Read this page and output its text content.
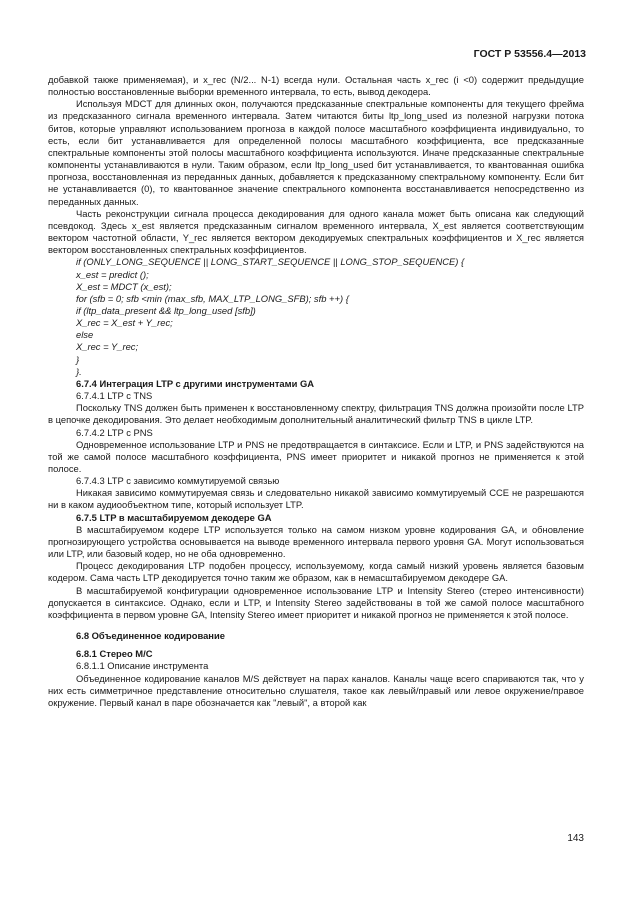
ГОСТ Р 53556.4—2013

добавкой также применяемая), и x_rec (N/2... N-1) всегда нули. Остальная часть x_rec (i <0) содержит предыдущие полностью восстановленные выборки временного интервала, то есть, вывод декодера.

Используя MDCT для длинных окон, получаются предсказанные спектральные компоненты для текущего фрейма из предсказанного сигнала временного интервала. Затем читаются биты ltp_long_used из полезной нагрузки потока битов, которые управляют использованием прогноза в каждой полосе масштабного коэффициента индивидуально, то есть, если бит устанавливается для определенной полосы масштабного коэффициента, все предсказанные спектральные компоненты этой полосы масштабного коэффициента используются. Иначе предсказанные спектральные компоненты устанавливаются в нули. Таким образом, если ltp_long_used бит устанавливается, то квантованная ошибка прогноза, восстановленная из переданных данных, добавляется к предсказанному спектральному компоненту. Если бит не устанавливается (0), то квантованное значение спектрального компонента восстанавливается непосредственно из переданных данных.

Часть реконструкции сигнала процесса декодирования для одного канала может быть описана как следующий псевдокод. Здесь x_est является предсказанным сигналом временного интервала, X_est является соответствующим вектором частотной области, Y_rec является вектором декодируемых спектральных коэффициентов и X_rec является вектором восстановленных спектральных коэффициентов.

if (ONLY_LONG_SEQUENCE || LONG_START_SEQUENCE || LONG_STOP_SEQUENCE) {

x_est = predict ();

X_est = MDCT (x_est);

for (sfb = 0; sfb <min (max_sfb, MAX_LTP_LONG_SFB); sfb ++) {

if (ltp_data_present && ltp_long_used [sfb])

X_rec = X_est + Y_rec;

else

X_rec = Y_rec;

}

}.

6.7.4 Интеграция LTP с другими инструментами GA

6.7.4.1 LTP с TNS

Поскольку TNS должен быть применен к восстановленному спектру, фильтрация TNS должна произойти после LTP в цепочке декодирования. Это делает необходимым дополнительный аналитический фильтр TNS в цикле LTP.

6.7.4.2 LTP с PNS

Одновременное использование LTP и PNS не предотвращается в синтаксисе. Если и LTP, и PNS задействуются на той же самой полосе масштабного коэффициента, PNS имеет приоритет и никакой прогноз не применяется к этой полосе.

6.7.4.3 LTP с зависимо коммутируемой связью

Никакая зависимо коммутируемая связь и следовательно никакой зависимо коммутируемый CCE не разрешаются ни в каком аудиообъектном типе, который использует LTP.

6.7.5 LTP в масштабируемом декодере GA

В масштабируемом кодере LTP используется только на самом низком уровне кодирования GA, и обновление прогнозирующего устройства основывается на выводе временного интервала первого уровня GA. Могут использоваться или LTP, или базовый кодер, но не оба одновременно.

Процесс декодирования LTP подобен процессу, используемому, когда самый низкий уровень является базовым кодером. Сама часть LTP декодируется точно таким же образом, как в немасштабируемом декодере GA.

В масштабируемой конфигурации одновременное использование LTP и Intensity Stereo (стерео интенсивности) допускается в синтаксисе. Однако, если и LTP, и Intensity Stereo задействованы в той же самой полосе масштабного коэффициента в первом уровне GA, Intensity Stereo имеет приоритет и никакой прогноз не применяется к этой полосе.

6.8 Объединенное кодирование

6.8.1 Стерео M/C

6.8.1.1 Описание инструмента

Объединенное кодирование каналов M/S действует на парах каналов. Каналы чаще всего спариваются так, что у них есть симметричное представление относительно слушателя, такое как левый/правый или левое окружение/правое окружение. Первый канал в паре обозначается как "левый", а второй как

143
